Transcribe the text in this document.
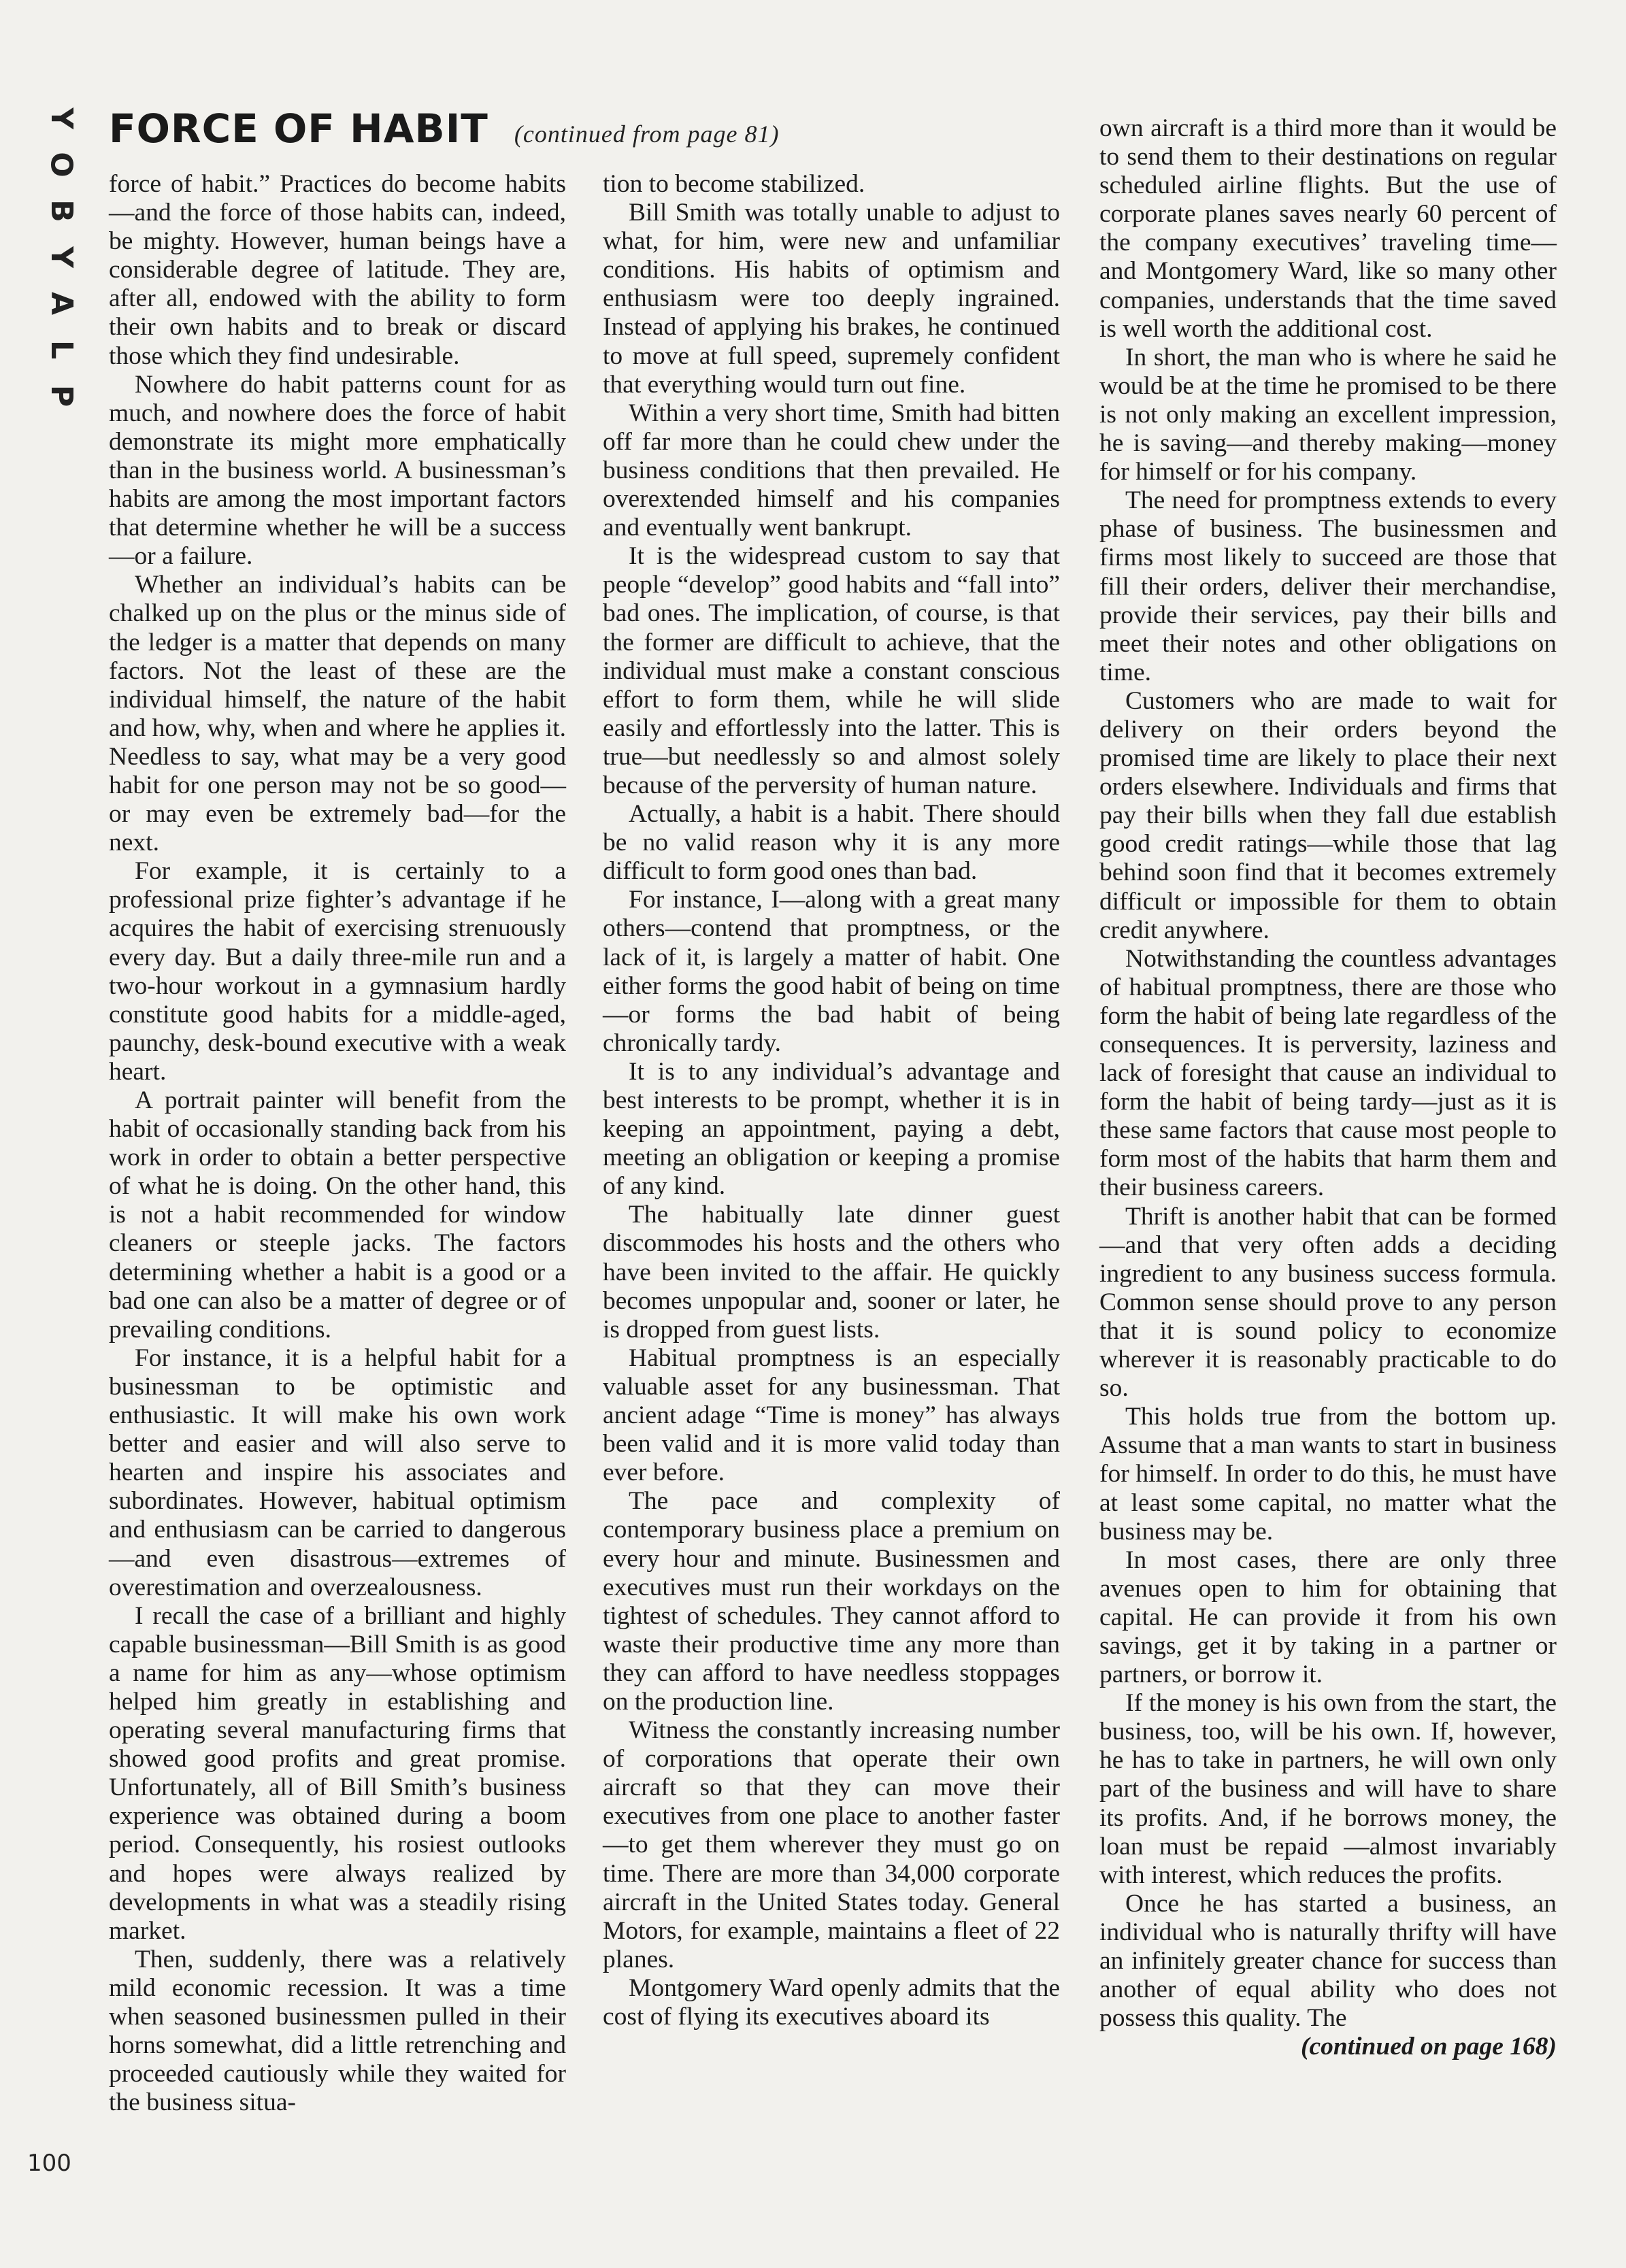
Y
O
B
Y
A
L
P
FORCE OF HABIT (continued from page 81)

force of habit.” Practices do become habits—and the force of those habits can, indeed, be mighty. However, human beings have a considerable degree of latitude. They are, after all, endowed with the ability to form their own habits and to break or discard those which they find undesirable.

Nowhere do habit patterns count for as much, and nowhere does the force of habit demonstrate its might more emphatically than in the business world. A businessman’s habits are among the most important factors that determine whether he will be a success—or a failure.

Whether an individual’s habits can be chalked up on the plus or the minus side of the ledger is a matter that depends on many factors. Not the least of these are the individual himself, the nature of the habit and how, why, when and where he applies it. Needless to say, what may be a very good habit for one person may not be so good—or may even be extremely bad—for the next.

For example, it is certainly to a professional prize fighter’s advantage if he acquires the habit of exercising strenuously every day. But a daily three-mile run and a two-hour workout in a gymnasium hardly constitute good habits for a middle-aged, paunchy, desk-bound executive with a weak heart.

A portrait painter will benefit from the habit of occasionally standing back from his work in order to obtain a better perspective of what he is doing. On the other hand, this is not a habit recommended for window cleaners or steeple jacks. The factors determining whether a habit is a good or a bad one can also be a matter of degree or of prevailing conditions.

For instance, it is a helpful habit for a businessman to be optimistic and enthusiastic. It will make his own work better and easier and will also serve to hearten and inspire his associates and subordinates. However, habitual optimism and enthusiasm can be carried to dangerous —and even disastrous—extremes of overestimation and overzealousness.

I recall the case of a brilliant and highly capable businessman—Bill Smith is as good a name for him as any—whose optimism helped him greatly in establishing and operating several manufacturing firms that showed good profits and great promise. Unfortunately, all of Bill Smith’s business experience was obtained during a boom period. Consequently, his rosiest outlooks and hopes were always realized by developments in what was a steadily rising market.

Then, suddenly, there was a relatively mild economic recession. It was a time when seasoned businessmen pulled in their horns somewhat, did a little retrenching and proceeded cautiously while they waited for the business situa-

tion to become stabilized.

Bill Smith was totally unable to adjust to what, for him, were new and unfamiliar conditions. His habits of optimism and enthusiasm were too deeply ingrained. Instead of applying his brakes, he continued to move at full speed, supremely confident that everything would turn out fine.

Within a very short time, Smith had bitten off far more than he could chew under the business conditions that then prevailed. He overextended himself and his companies and eventually went bankrupt.

It is the widespread custom to say that people “develop” good habits and “fall into” bad ones. The implication, of course, is that the former are difficult to achieve, that the individual must make a constant conscious effort to form them, while he will slide easily and effortlessly into the latter. This is true—but needlessly so and almost solely because of the perversity of human nature.

Actually, a habit is a habit. There should be no valid reason why it is any more difficult to form good ones than bad.

For instance, I—along with a great many others—contend that promptness, or the lack of it, is largely a matter of habit. One either forms the good habit of being on time—or forms the bad habit of being chronically tardy.

It is to any individual’s advantage and best interests to be prompt, whether it is in keeping an appointment, paying a debt, meeting an obligation or keeping a promise of any kind.

The habitually late dinner guest discommodes his hosts and the others who have been invited to the affair. He quickly becomes unpopular and, sooner or later, he is dropped from guest lists.

Habitual promptness is an especially valuable asset for any businessman. That ancient adage “Time is money” has always been valid and it is more valid today than ever before.

The pace and complexity of contemporary business place a premium on every hour and minute. Businessmen and executives must run their workdays on the tightest of schedules. They cannot afford to waste their productive time any more than they can afford to have needless stoppages on the production line.

Witness the constantly increasing number of corporations that operate their own aircraft so that they can move their executives from one place to another faster—to get them wherever they must go on time. There are more than 34,000 corporate aircraft in the United States today. General Motors, for example, maintains a fleet of 22 planes.

Montgomery Ward openly admits that the cost of flying its executives aboard its

own aircraft is a third more than it would be to send them to their destinations on regular scheduled airline flights. But the use of corporate planes saves nearly 60 percent of the company executives’ traveling time—and Montgomery Ward, like so many other companies, understands that the time saved is well worth the additional cost.

In short, the man who is where he said he would be at the time he promised to be there is not only making an excellent impression, he is saving—and thereby making—money for himself or for his company.

The need for promptness extends to every phase of business. The businessmen and firms most likely to succeed are those that fill their orders, deliver their merchandise, provide their services, pay their bills and meet their notes and other obligations on time.

Customers who are made to wait for delivery on their orders beyond the promised time are likely to place their next orders elsewhere. Individuals and firms that pay their bills when they fall due establish good credit ratings—while those that lag behind soon find that it becomes extremely difficult or impossible for them to obtain credit anywhere.

Notwithstanding the countless advantages of habitual promptness, there are those who form the habit of being late regardless of the consequences. It is perversity, laziness and lack of foresight that cause an individual to form the habit of being tardy—just as it is these same factors that cause most people to form most of the habits that harm them and their business careers.

Thrift is another habit that can be formed—and that very often adds a deciding ingredient to any business success formula. Common sense should prove to any person that it is sound policy to economize wherever it is reasonably practicable to do so.

This holds true from the bottom up. Assume that a man wants to start in business for himself. In order to do this, he must have at least some capital, no matter what the business may be.

In most cases, there are only three avenues open to him for obtaining that capital. He can provide it from his own savings, get it by taking in a partner or partners, or borrow it.

If the money is his own from the start, the business, too, will be his own. If, however, he has to take in partners, he will own only part of the business and will have to share its profits. And, if he borrows money, the loan must be repaid —almost invariably with interest, which reduces the profits.

Once he has started a business, an individual who is naturally thrifty will have an infinitely greater chance for success than another of equal ability who does not possess this quality. The

(continued on page 168)

100
